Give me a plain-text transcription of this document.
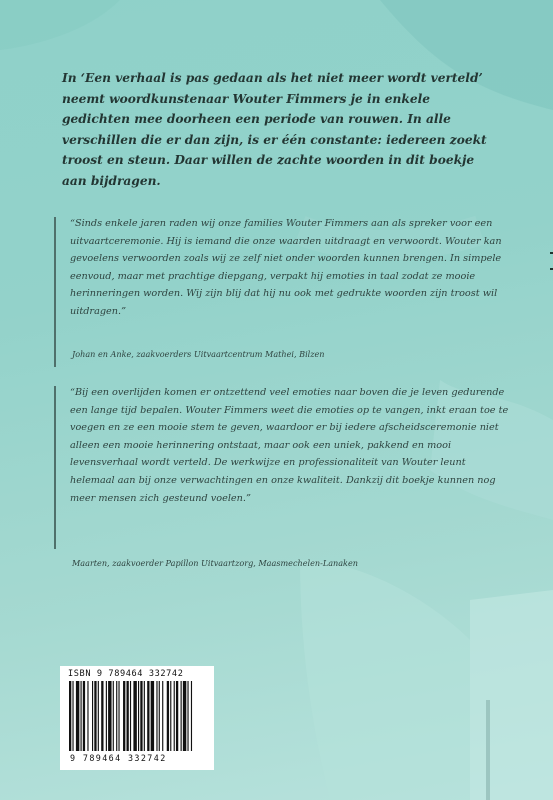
In ‘Een verhaal is pas gedaan als het niet meer wordt verteld’ neemt woordkunstenaar Wouter Fimmers je in enkele gedichten mee doorheen een periode van rouwen. In alle verschillen die er dan zijn, is er één constante: iedereen zoekt troost en steun. Daar willen de zachte woorden in dit boekje aan bijdragen.

“Sinds enkele jaren raden wij onze families Wouter Fimmers aan als spreker voor een uitvaartceremonie. Hij is iemand die onze waarden uitdraagt en verwoordt. Wouter kan gevoelens verwoorden zoals wij ze zelf niet onder woorden kunnen brengen. In simpele eenvoud, maar met prachtige diepgang, verpakt hij emoties in taal zodat ze mooie herinneringen worden. Wij zijn blij dat hij nu ook met gedrukte woorden zijn troost wil uitdragen.”

Johan en Anke, zaakvoerders Uitvaartcentrum Mathei, Bilzen

“Bij een overlijden komen er ontzettend veel emoties naar boven die je leven gedurende een lange tijd bepalen. Wouter Fimmers weet die emoties op te vangen, inkt eraan toe te voegen en ze een mooie stem te geven, waardoor er bij iedere afscheidsceremonie niet alleen een mooie herinnering ontstaat, maar ook een uniek, pakkend en mooi levensverhaal wordt verteld. De werkwijze en professionaliteit van Wouter leunt helemaal aan bij onze verwachtingen en onze kwaliteit. Dankzij dit boekje kunnen nog meer mensen zich gesteund voelen.”

Maarten, zaakvoerder Papillon Uitvaartzorg, Maasmechelen-Lanaken

ISBN 9 789464 332742
9 789464 332742
